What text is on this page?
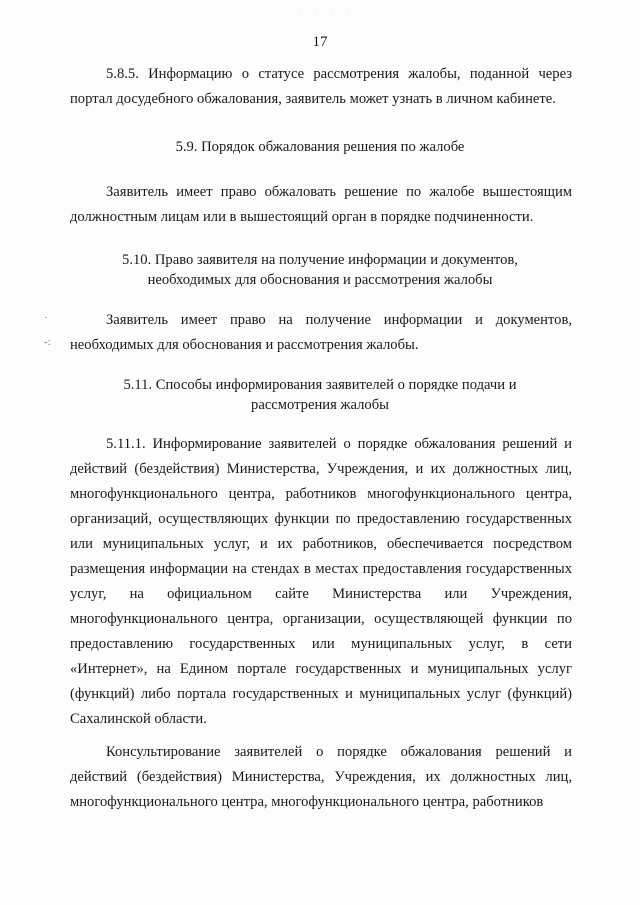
· · · ·
17

5.8.5. Информацию о статусе рассмотрения жалобы, поданной через портал досудебного обжалования, заявитель может узнать в личном кабинете.

5.9. Порядок обжалования решения по жалобе

Заявитель имеет право обжаловать решение по жалобе вышестоящим должностным лицам или в вышестоящий орган в порядке подчиненности.

5.10. Право заявителя на получение информации и документов,
необходимых для обоснования и рассмотрения жалобы
·
-:

Заявитель имеет право на получение информации и документов, необходимых для обоснования и рассмотрения жалобы.

5.11. Способы информирования заявителей о порядке подачи и
рассмотрения жалобы

5.11.1. Информирование заявителей о порядке обжалования решений и действий (бездействия) Министерства, Учреждения, и их должностных лиц, многофункционального центра, работников многофункционального центра, организаций, осуществляющих функции по предоставлению государственных или муниципальных услуг, и их работников, обеспечивается посредством размещения информации на стендах в местах предоставления государственных услуг, на официальном сайте Министерства или Учреждения, многофункционального центра, организации, осуществляющей функции по предоставлению государственных или муниципальных услуг, в сети «Интернет», на Едином портале государственных и муниципальных услуг (функций) либо портала государственных и муниципальных услуг (функций) Сахалинской области.

Консультирование заявителей о порядке обжалования решений и действий (бездействия) Министерства, Учреждения, их должностных лиц, многофункционального центра, многофункционального центра, работников
